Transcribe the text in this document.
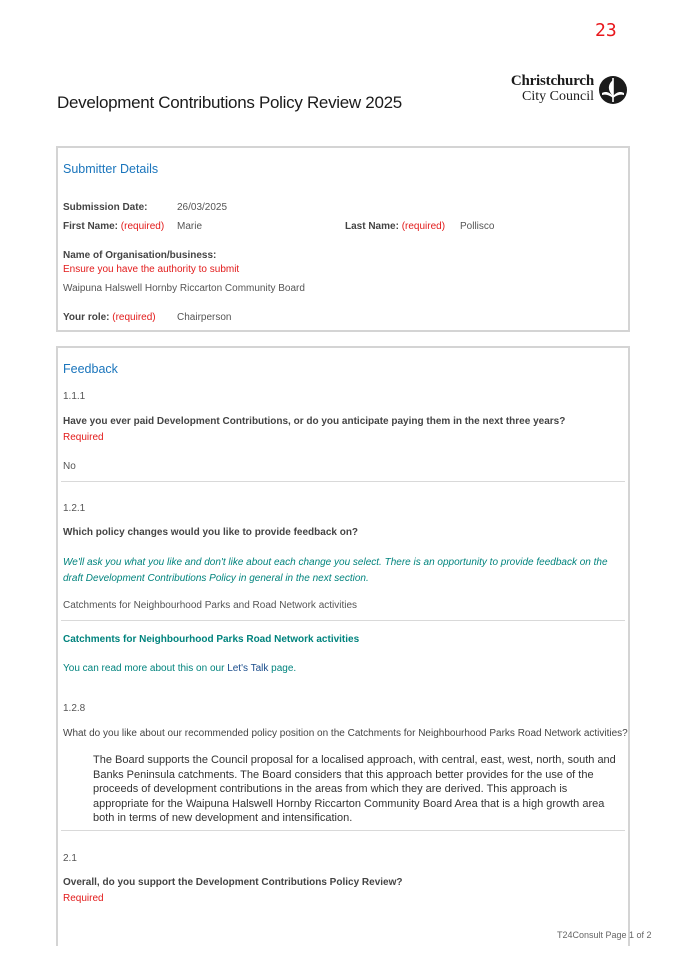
23
Development Contributions Policy Review 2025
Christchurch
City Council
Submitter Details
Submission Date:	26/03/2025
First Name: (required) Marie	Last Name: (required) Pollisco
Name of Organisation/business:
Ensure you have the authority to submit
Waipuna Halswell Hornby Riccarton Community Board
Your role: (required) Chairperson
Feedback
1.1.1
Have you ever paid Development Contributions, or do you anticipate paying them in the next three years?
Required
No
1.2.1
Which policy changes would you like to provide feedback on?
We'll ask you what you like and don't like about each change you select. There is an opportunity to provide feedback on the
draft Development Contributions Policy in general in the next section.
Catchments for Neighbourhood Parks and Road Network activities
Catchments for Neighbourhood Parks Road Network activities
You can read more about this on our Let's Talk page.
1.2.8
What do you like about our recommended policy position on the Catchments for Neighbourhood Parks Road Network activities?
The Board supports the Council proposal for a localised approach, with central, east, west, north, south and Banks Peninsula catchments. The Board considers that this approach better provides for the use of the proceeds of development contributions in the areas from which they are derived. This approach is appropriate for the Waipuna Halswell Hornby Riccarton Community Board Area that is a high growth area both in terms of new development and intensification.
2.1
Overall, do you support the Development Contributions Policy Review?
Required
T24Consult Page 1 of 2
